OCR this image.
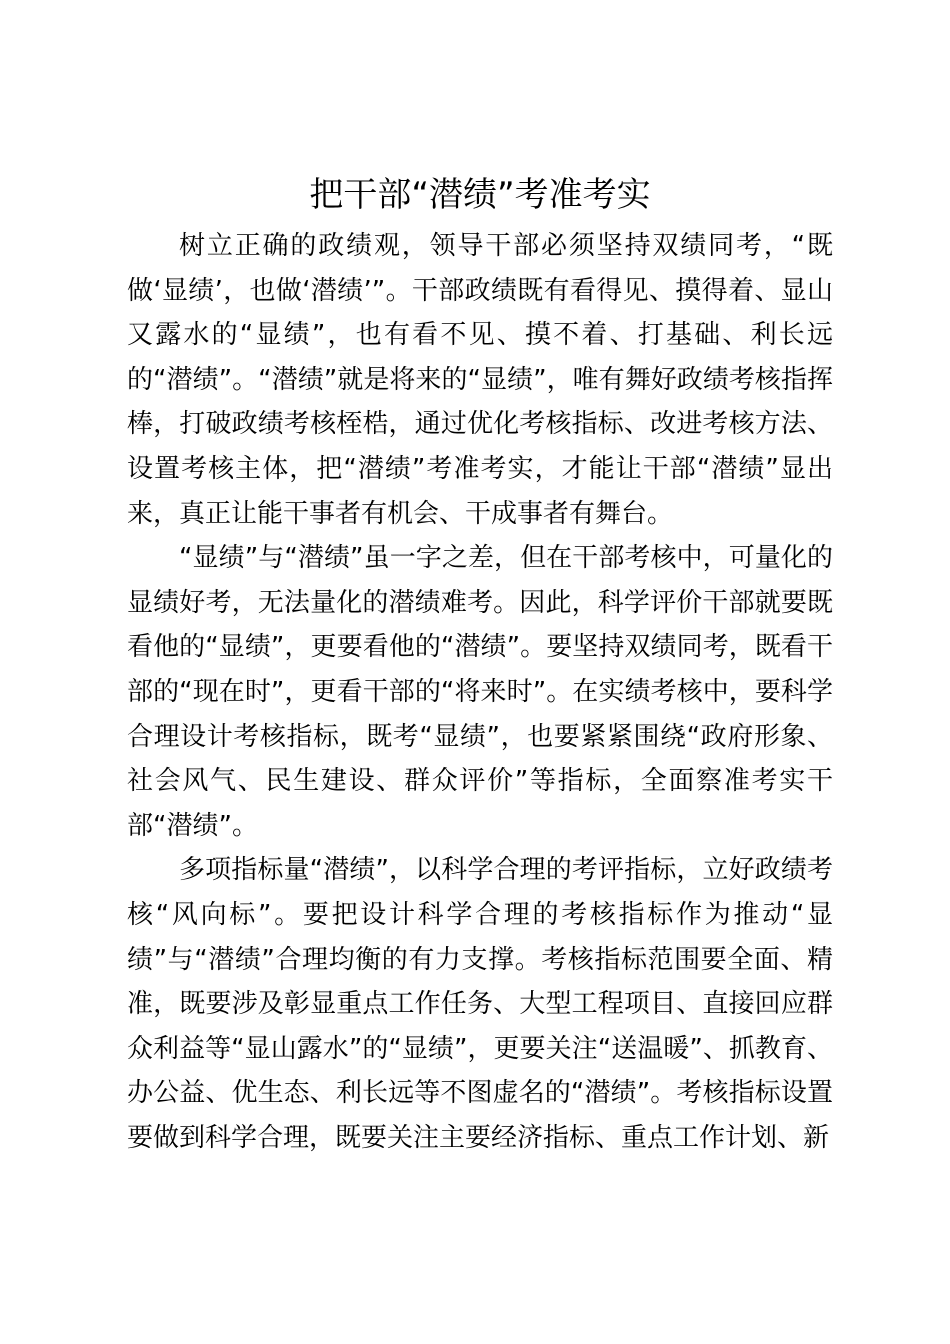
把干部“潜绩”考准考实

树立正确的政绩观，领导干部必须坚持双绩同考，“既做‘显绩’，也做‘潜绩’”。干部政绩既有看得见、摸得着、显山又露水的“显绩”，也有看不见、摸不着、打基础、利长远的“潜绩”。“潜绩”就是将来的“显绩”，唯有舞好政绩考核指挥棒，打破政绩考核桎梏，通过优化考核指标、改进考核方法、设置考核主体，把“潜绩”考准考实，才能让干部“潜绩”显出来，真正让能干事者有机会、干成事者有舞台。

“显绩”与“潜绩”虽一字之差，但在干部考核中，可量化的显绩好考，无法量化的潜绩难考。因此，科学评价干部就要既看他的“显绩”，更要看他的“潜绩”。要坚持双绩同考，既看干部的“现在时”，更看干部的“将来时”。在实绩考核中，要科学合理设计考核指标，既考“显绩”，也要紧紧围绕“政府形象、社会风气、民生建设、群众评价”等指标，全面察准考实干部“潜绩”。

多项指标量“潜绩”，以科学合理的考评指标，立好政绩考核“风向标”。要把设计科学合理的考核指标作为推动“显绩”与“潜绩”合理均衡的有力支撑。考核指标范围要全面、精准，既要涉及彰显重点工作任务、大型工程项目、直接回应群众利益等“显山露水”的“显绩”，更要关注“送温暖”、抓教育、办公益、优生态、利长远等不图虚名的“潜绩”。考核指标设置要做到科学合理，既要关注主要经济指标、重点工作计划、新
